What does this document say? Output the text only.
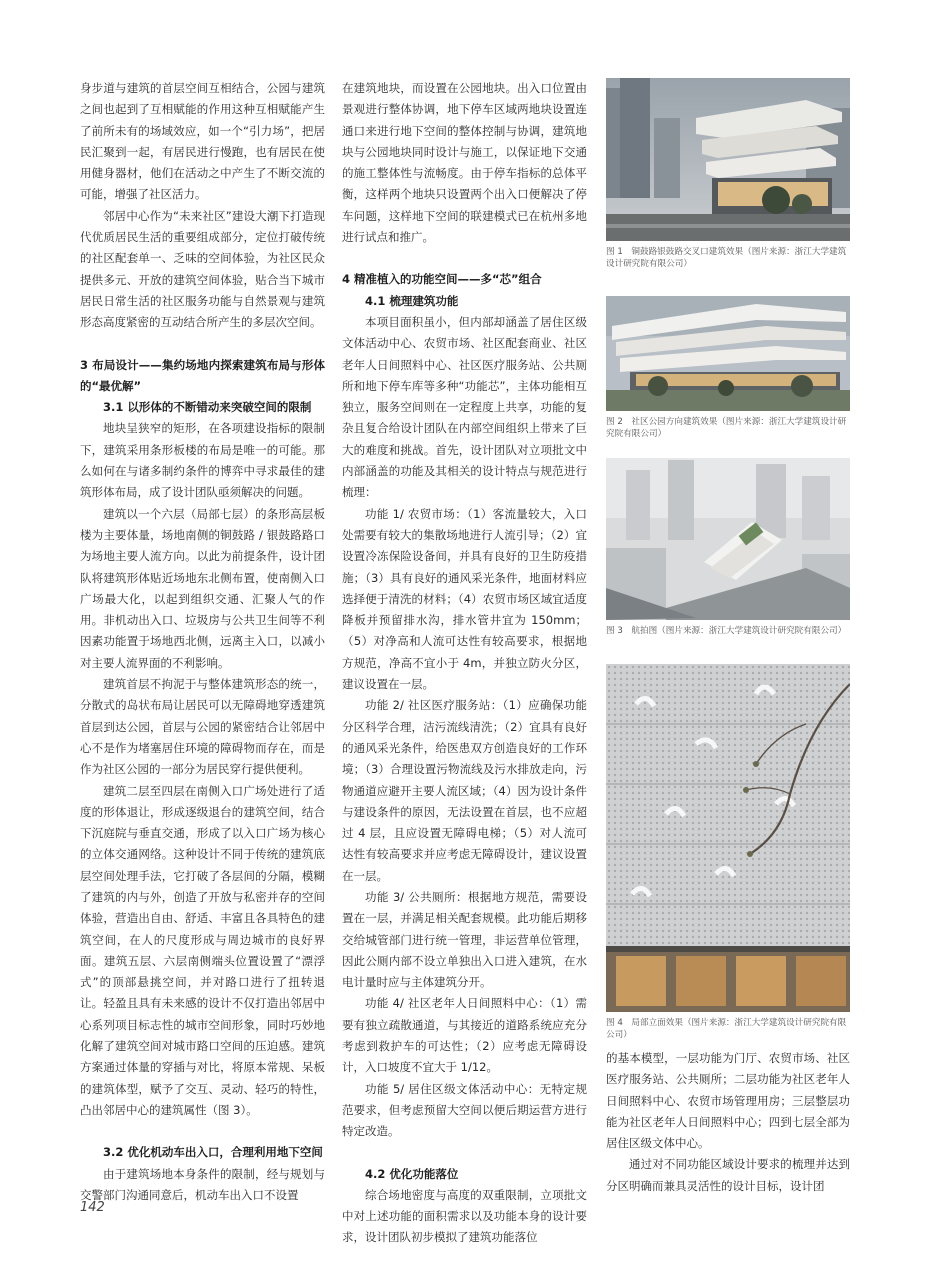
身步道与建筑的首层空间互相结合，公园与建筑之间也起到了互相赋能的作用这种互相赋能产生了前所未有的场域效应，如一个“引力场”，把居民汇聚到一起，有居民进行慢跑，也有居民在使用健身器材，他们在活动之中产生了不断交流的可能，增强了社区活力。

邻居中心作为“未来社区”建设大潮下打造现代优质居民生活的重要组成部分，定位打破传统的社区配套单一、乏味的空间体验，为社区民众提供多元、开放的建筑空间体验，贴合当下城市居民日常生活的社区服务功能与自然景观与建筑形态高度紧密的互动结合所产生的多层次空间。

3 布局设计——集约场地内探索建筑布局与形体的“最优解”

3.1 以形体的不断错动来突破空间的限制

地块呈狭窄的矩形，在各项建设指标的限制下，建筑采用条形板楼的布局是唯一的可能。那么如何在与诸多制约条件的博弈中寻求最佳的建筑形体布局，成了设计团队亟须解决的问题。

建筑以一个六层（局部七层）的条形高层板楼为主要体量，场地南侧的铜鼓路 / 银鼓路路口为场地主要人流方向。以此为前提条件，设计团队将建筑形体贴近场地东北侧布置，使南侧入口广场最大化，以起到组织交通、汇聚人气的作用。非机动出入口、垃圾房与公共卫生间等不利因素功能置于场地西北侧，远离主入口，以减小对主要人流界面的不利影响。

建筑首层不拘泥于与整体建筑形态的统一，分散式的岛状布局让居民可以无障碍地穿透建筑首层到达公园，首层与公园的紧密结合让邻居中心不是作为堵塞居住环境的障碍物而存在，而是作为社区公园的一部分为居民穿行提供便利。

建筑二层至四层在南侧入口广场处进行了适度的形体退让，形成逐级退台的建筑空间，结合下沉庭院与垂直交通，形成了以入口广场为核心的立体交通网络。这种设计不同于传统的建筑底层空间处理手法，它打破了各层间的分隔，模糊了建筑的内与外，创造了开放与私密并存的空间体验，营造出自由、舒适、丰富且各具特色的建筑空间，在人的尺度形成与周边城市的良好界面。建筑五层、六层南侧端头位置设置了“漂浮式”的顶部悬挑空间，并对路口进行了扭转退让。轻盈且具有未来感的设计不仅打造出邻居中心系列项目标志性的城市空间形象，同时巧妙地化解了建筑空间对城市路口空间的压迫感。建筑方案通过体量的穿插与对比，将原本常规、呆板的建筑体型，赋予了交互、灵动、轻巧的特性，凸出邻居中心的建筑属性（图 3）。

3.2 优化机动车出入口，合理利用地下空间

由于建筑场地本身条件的限制，经与规划与交警部门沟通同意后，机动车出入口不设置

在建筑地块，而设置在公园地块。出入口位置由景观进行整体协调，地下停车区域两地块设置连通口来进行地下空间的整体控制与协调，建筑地块与公园地块同时设计与施工，以保证地下交通的施工整体性与流畅度。由于停车指标的总体平衡，这样两个地块只设置两个出入口便解决了停车问题，这样地下空间的联建模式已在杭州多地进行试点和推广。

4 精准植入的功能空间——多“芯”组合

4.1 梳理建筑功能

本项目面积虽小，但内部却涵盖了居住区级文体活动中心、农贸市场、社区配套商业、社区老年人日间照料中心、社区医疗服务站、公共厕所和地下停车库等多种“功能芯”，主体功能相互独立，服务空间则在一定程度上共享，功能的复杂且复合给设计团队在内部空间组织上带来了巨大的难度和挑战。首先，设计团队对立项批文中内部涵盖的功能及其相关的设计特点与规范进行梳理：

功能 1/ 农贸市场：（1）客流量较大，入口处需要有较大的集散场地进行人流引导；（2）宜设置冷冻保险设备间，并具有良好的卫生防疫措施；（3）具有良好的通风采光条件，地面材料应选择便于清洗的材料；（4）农贸市场区域宜适度降板并预留排水沟，排水管井宜为 150mm；（5）对净高和人流可达性有较高要求，根据地方规范，净高不宜小于 4m，并独立防火分区，建议设置在一层。

功能 2/ 社区医疗服务站：（1）应确保功能分区科学合理，洁污流线清洗；（2）宜具有良好的通风采光条件，给医患双方创造良好的工作环境；（3）合理设置污物流线及污水排放走向，污物通道应避开主要人流区域；（4）因为设计条件与建设条件的原因，无法设置在首层，也不应超过 4 层，且应设置无障碍电梯；（5）对人流可达性有较高要求并应考虑无障碍设计，建议设置在一层。

功能 3/ 公共厕所：根据地方规范，需要设置在一层，并满足相关配套规模。此功能后期移交给城管部门进行统一管理，非运营单位管理，因此公厕内部不设立单独出入口进入建筑，在水电计量时应与主体建筑分开。

功能 4/ 社区老年人日间照料中心：（1）需要有独立疏散通道，与其接近的道路系统应充分考虑到救护车的可达性；（2）应考虑无障碍设计，入口坡度不宜大于 1/12。

功能 5/ 居住区级文体活动中心：无特定规范要求，但考虑预留大空间以便后期运营方进行特定改造。

4.2 优化功能落位

综合场地密度与高度的双重限制，立项批文中对上述功能的面积需求以及功能本身的设计要求，设计团队初步模拟了建筑功能落位

图 1　铜鼓路银鼓路交叉口建筑效果（图片来源：浙江大学建筑设计研究院有限公司）
图 2　社区公园方向建筑效果（图片来源：浙江大学建筑设计研究院有限公司）
图 3　航拍图（图片来源：浙江大学建筑设计研究院有限公司）
图 4　局部立面效果（图片来源：浙江大学建筑设计研究院有限公司）

的基本模型，一层功能为门厅、农贸市场、社区医疗服务站、公共厕所；二层功能为社区老年人日间照料中心、农贸市场管理用房；三层整层功能为社区老年人日间照料中心；四到七层全部为居住区级文体中心。

通过对不同功能区域设计要求的梳理并达到分区明确而兼具灵活性的设计目标，设计团

142
